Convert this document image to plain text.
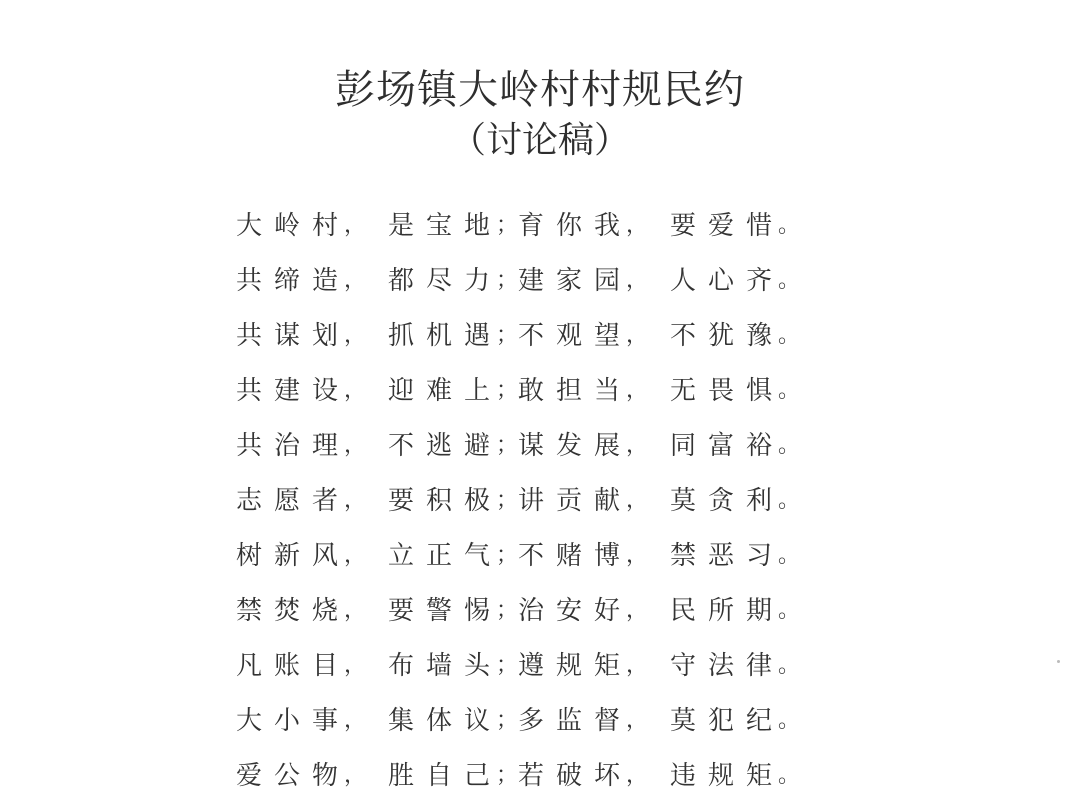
彭场镇大岭村村规民约
（讨论稿）
大 岭 村 ， 是 宝 地 ； 育 你 我 ， 要 爱 惜 。
共 缔 造 ， 都 尽 力 ； 建 家 园 ， 人 心 齐 。
共 谋 划 ， 抓 机 遇 ； 不 观 望 ， 不 犹 豫 。
共 建 设 ， 迎 难 上 ； 敢 担 当 ， 无 畏 惧 。
共 治 理 ， 不 逃 避 ； 谋 发 展 ， 同 富 裕 。
志 愿 者 ， 要 积 极 ； 讲 贡 献 ， 莫 贪 利 。
树 新 风 ， 立 正 气 ； 不 赌 博 ， 禁 恶 习 。
禁 焚 烧 ， 要 警 惕 ； 治 安 好 ， 民 所 期 。
凡 账 目 ， 布 墙 头 ； 遵 规 矩 ， 守 法 律 。
大 小 事 ， 集 体 议 ； 多 监 督 ， 莫 犯 纪 。
爱 公 物 ， 胜 自 己 ； 若 破 坏 ， 违 规 矩 。
